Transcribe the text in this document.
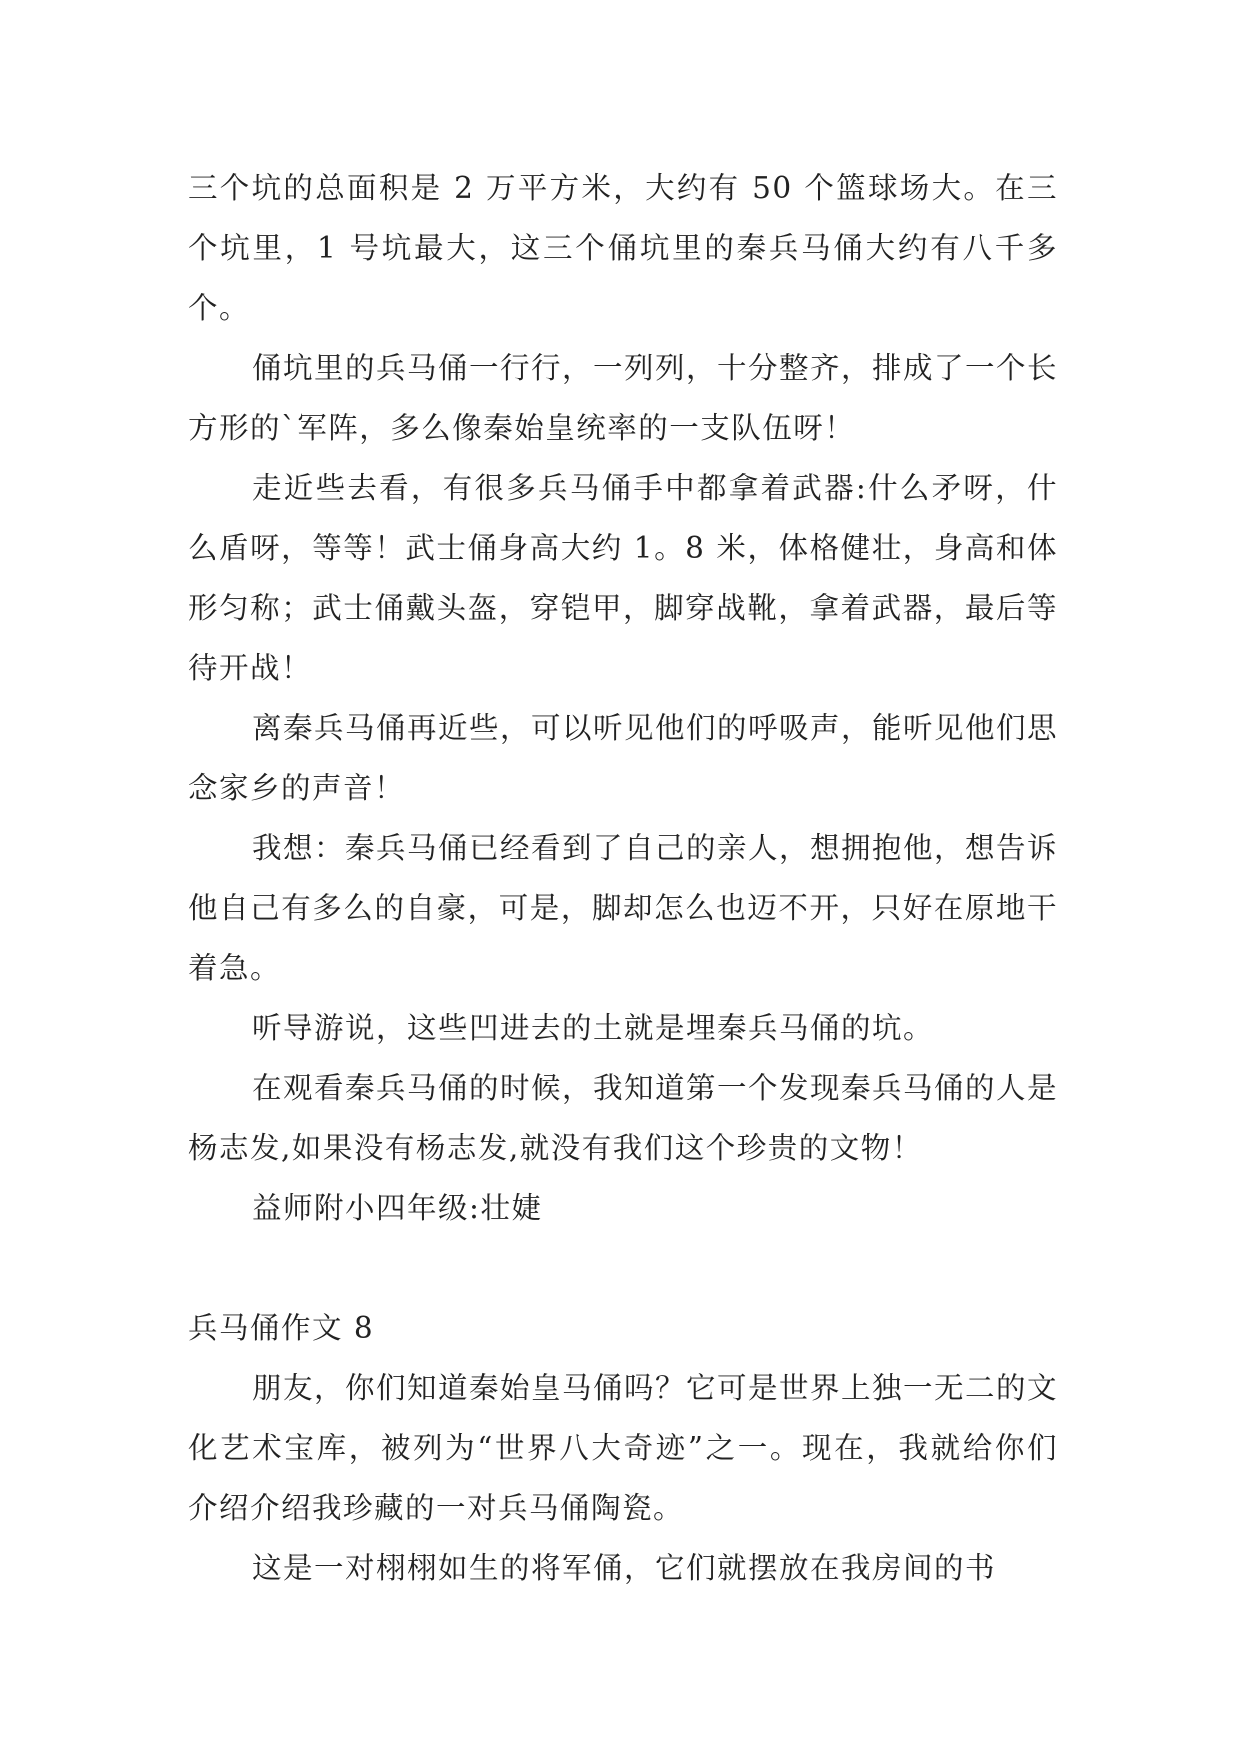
三个坑的总面积是 2 万平方米，大约有 50 个篮球场大。在三个坑里，1 号坑最大，这三个俑坑里的秦兵马俑大约有八千多个。

俑坑里的兵马俑一行行，一列列，十分整齐，排成了一个长方形的`军阵，多么像秦始皇统率的一支队伍呀！

走近些去看，有很多兵马俑手中都拿着武器:什么矛呀，什么盾呀，等等！武士俑身高大约 1。8 米，体格健壮，身高和体形匀称；武士俑戴头盔，穿铠甲，脚穿战靴，拿着武器，最后等待开战！

离秦兵马俑再近些，可以听见他们的呼吸声，能听见他们思念家乡的声音！

我想：秦兵马俑已经看到了自己的亲人，想拥抱他，想告诉他自己有多么的自豪，可是，脚却怎么也迈不开，只好在原地干着急。

听导游说，这些凹进去的土就是埋秦兵马俑的坑。

在观看秦兵马俑的时候，我知道第一个发现秦兵马俑的人是杨志发,如果没有杨志发,就没有我们这个珍贵的文物！

益师附小四年级:壮婕

兵马俑作文 8

朋友，你们知道秦始皇马俑吗？它可是世界上独一无二的文化艺术宝库，被列为“世界八大奇迹”之一。现在，我就给你们介绍介绍我珍藏的一对兵马俑陶瓷。

这是一对栩栩如生的将军俑，它们就摆放在我房间的书
